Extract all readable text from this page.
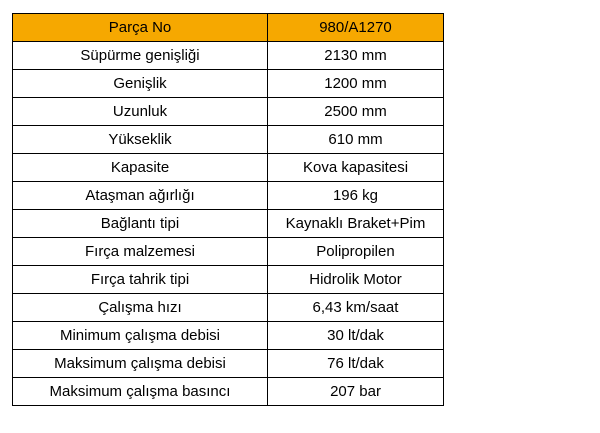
Parça No	980/A1270
Süpürme genişliği	2130 mm
Genişlik	1200 mm
Uzunluk	2500 mm
Yükseklik	610 mm
Kapasite	Kova kapasitesi
Ataşman ağırlığı	196 kg
Bağlantı tipi	Kaynaklı Braket+Pim
Fırça malzemesi	Polipropilen
Fırça tahrik tipi	Hidrolik Motor
Çalışma hızı	6,43 km/saat
Minimum çalışma debisi	30 lt/dak
Maksimum çalışma debisi	76 lt/dak
Maksimum çalışma basıncı	207 bar
